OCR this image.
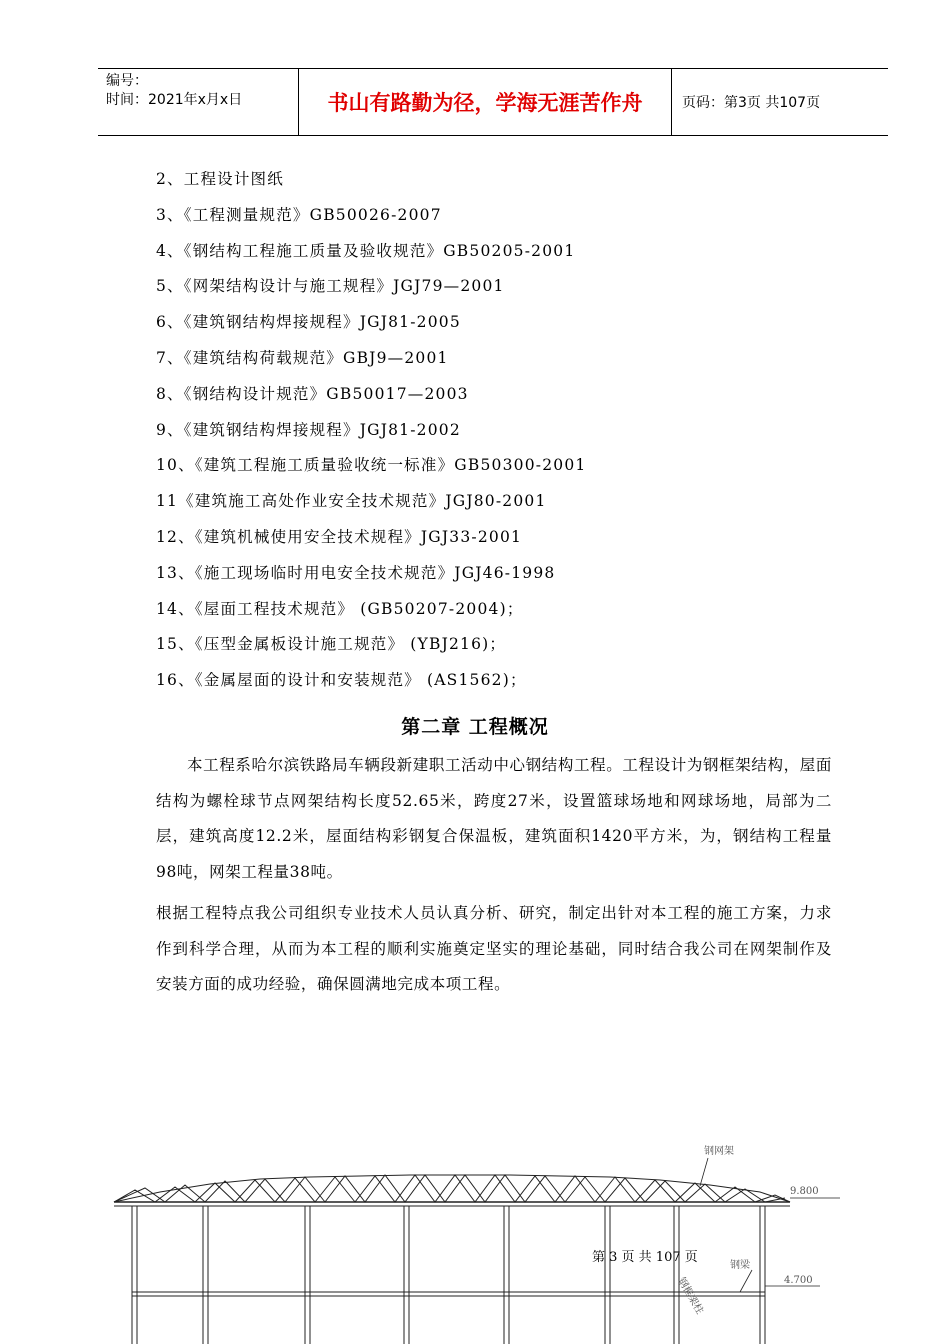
编号：
时间：2021年x月x日	书山有路勤为径，学海无涯苦作舟	页码：第3页 共107页
2、工程设计图纸
3、《工程测量规范》GB50026-2007
4、《钢结构工程施工质量及验收规范》GB50205-2001
5、《网架结构设计与施工规程》JGJ79—2001
6、《建筑钢结构焊接规程》JGJ81-2005
7、《建筑结构荷载规范》GBJ9—2001
8、《钢结构设计规范》GB50017—2003
9、《建筑钢结构焊接规程》JGJ81-2002
10、《建筑工程施工质量验收统一标准》GB50300-2001
11《建筑施工高处作业安全技术规范》JGJ80-2001
12、《建筑机械使用安全技术规程》JGJ33-2001
13、《施工现场临时用电安全技术规范》JGJ46-1998
14、《屋面工程技术规范》 (GB50207-2004)；
15、《压型金属板设计施工规范》 (YBJ216)；
16、《金属屋面的设计和安装规范》 (AS1562)；
第二章 工程概况

本工程系哈尔滨铁路局车辆段新建职工活动中心钢结构工程。工程设计为钢框架结构，屋面结构为螺栓球节点网架结构长度52.65米，跨度27米，设置篮球场地和网球场地，局部为二层，建筑高度12.2米，屋面结构彩钢复合保温板，建筑面积1420平方米，为，钢结构工程量98吨，网架工程量38吨。

根据工程特点我公司组织专业技术人员认真分析、研究，制定出针对本工程的施工方案，力求作到科学合理，从而为本工程的顺利实施奠定坚实的理论基础，同时结合我公司在网架制作及安装方面的成功经验，确保圆满地完成本项工程。

钢网架
9.800
钢梁
4.700
钢框架柱
第 3 页 共 107 页
